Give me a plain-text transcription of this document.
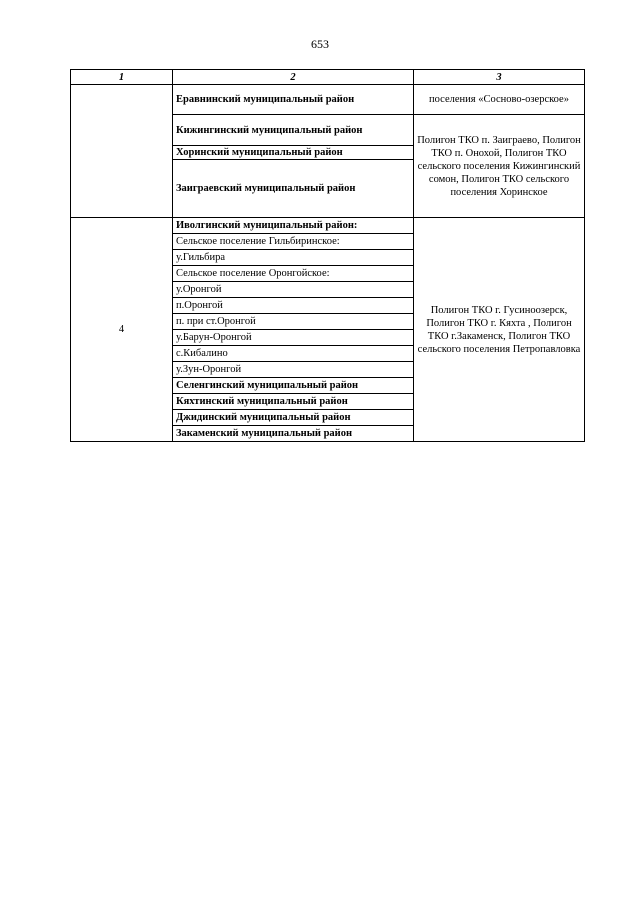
653
1	2	3
	Еравнинский муниципальный район	поселения «Сосново-озерское»
	Кижингинский муниципальный район	Полигон ТКО п. Заиграево, Полигон ТКО п. Онохой, Полигон ТКО сельского поселения Кижингинский сомон, Полигон ТКО сельского поселения Хоринское
	Хоринский муниципальный район	
	Заиграевский муниципальный район	
4	Иволгинский муниципальный район:	Полигон ТКО г. Гусиноозерск, Полигон ТКО г. Кяхта , Полигон ТКО г.Закаменск, Полигон ТКО сельского поселения Петропавловка
	Сельское поселение Гильбиринское:	
	у.Гильбира	
	Сельское поселение Оронгойское:	
	у.Оронгой	
	п.Оронгой	
	п. при ст.Оронгой	
	у.Барун-Оронгой	
	с.Кибалино	
	у.Зун-Оронгой	
	Селенгинский муниципальный район	
	Кяхтинский муниципальный район	
	Джидинский муниципальный район	
	Закаменский муниципальный район	
